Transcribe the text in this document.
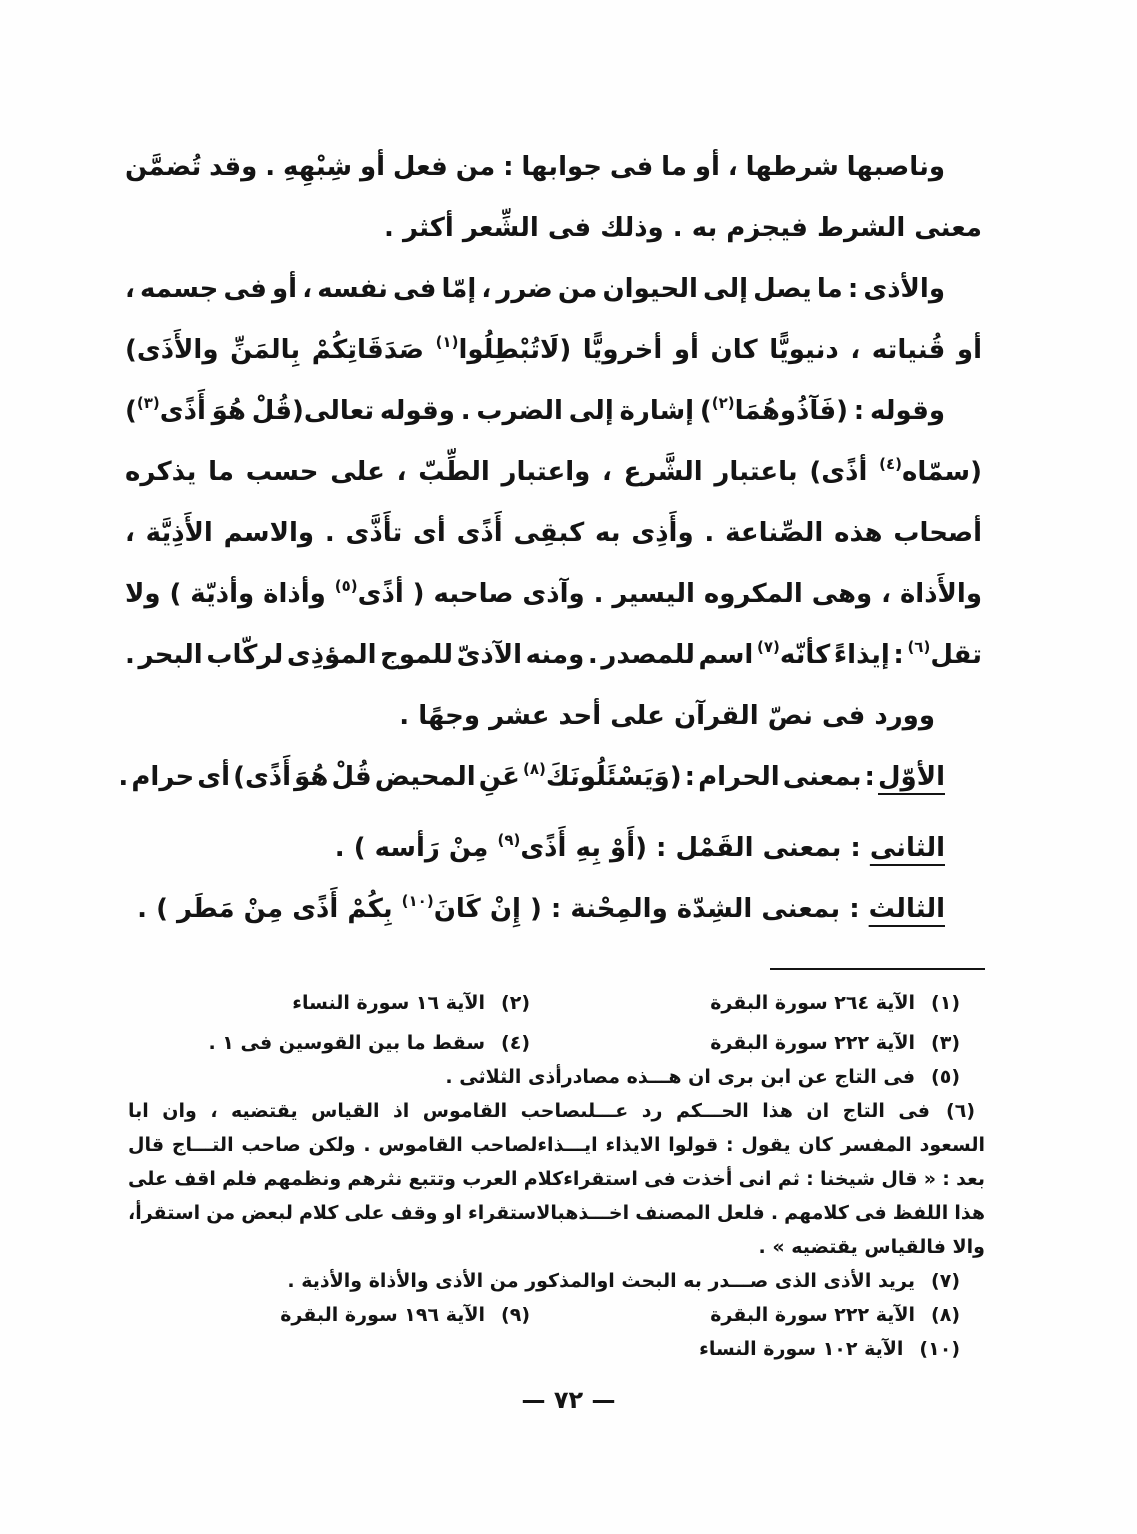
وناصبها شرطها ، أو ما فى جوابها : من فعل أو شِبْهِهِ . وقد تُضمَّن
معنى الشرط فيجزم به . وذلك فى الشِّعر أكثر .
والأذى : ما يصل إلى الحيوان من ضرر ، إمّا فى نفسه ، أو فى جسمه ،
أو قُنياته ، دنيويًّا كان أو أخرويًّا (لَاتُبْطِلُوا$^{(١)}$ صَدَقَاتِكُمْ بِالمَنِّ والأَذَى)
وقوله : (فَآذُوهُمَا$^{(٢)}$) إشارة إلى الضرب . وقوله تعالى(قُلْ هُوَ أَذًى$^{(٣)}$)
(سمّاه$^{(٤)}$ أذًى) باعتبار الشَّرع ، واعتبار الطِّبّ ، على حسب ما يذكره
أصحاب هذه الصِّناعة . وأَذِى به كبقِى أَذًى أى تأَذَّى . والاسم الأَذِيَّة ،
والأَذاة ، وهى المكروه اليسير . وآذى صاحبه ( أذًى$^{(٥)}$ وأذاة وأذيّة ) ولا
تقل$^{(٦)}$ : إيذاءً كأنّه$^{(٧)}$ اسم للمصدر . ومنه الآذىّ للموج المؤذِى لركّاب البحر .
وورد فى نصّ القرآن على أحد عشر وجهًا .
الأوّل : بمعنى الحرام : (وَيَسْئَلُونَكَ$^{(٨)}$ عَنِ المحيض قُلْ هُوَ أَذًى) أى حرام .
الثانى : بمعنى القَمْل : (أَوْ بِهِ أَذًى$^{(٩)}$ مِنْ رَأسه ) .
الثالث : بمعنى الشِدّة والمِحْنة : ( إِنْ كَانَ$^{(١٠)}$ بِكُمْ أَذًى مِنْ مَطَر ) .
(١)الآية ٢٦٤ سورة البقرة
(٢)الآية ١٦ سورة النساء
(٣)الآية ٢٢٢ سورة البقرة
(٤)سقط ما بين القوسين فى ١ .
(٥)فى التاج عن ابن برى ان هـــذه مصادرأذى الثلاثى .
(٦)فى التاج ان هذا الحـــكم رد عـــلىصاحب القاموس اذ القياس يقتضيه ، وان ابا
السعود المفسر كان يقول : قولوا الايذاء ايـــذاءلصاحب القاموس . ولكن صاحب التـــاج قال
بعد : « قال شيخنا : ثم انى أخذت فى استقراءكلام العرب وتتبع نثرهم ونظمهم فلم اقف على
هذا اللفظ فى كلامهم . فلعل المصنف اخـــذهبالاستقراء او وقف على كلام لبعض من استقرأ،
والا فالقياس يقتضيه » .
(٧)يريد الأذى الذى صـــدر به البحث اوالمذكور من الأذى والأذاة والأذية .
(٨)الآية ٢٢٢ سورة البقرة
(٩)الآية ١٩٦ سورة البقرة
(١٠)الآية ١٠٢ سورة النساء
— ٧٢ —
